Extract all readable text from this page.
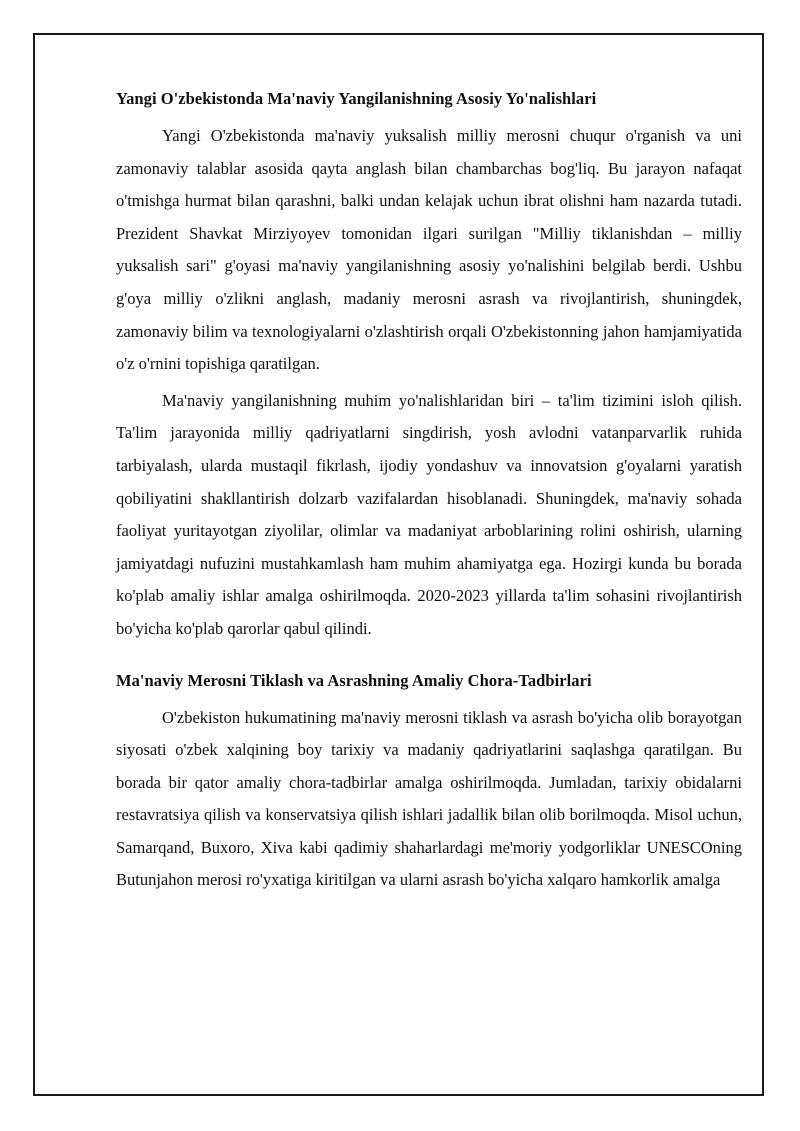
Yangi O'zbekistonda Ma'naviy Yangilanishning Asosiy Yo'nalishlari

Yangi O'zbekistonda ma'naviy yuksalish milliy merosni chuqur o'rganish va uni zamonaviy talablar asosida qayta anglash bilan chambarchas bog'liq. Bu jarayon nafaqat o'tmishga hurmat bilan qarashni, balki undan kelajak uchun ibrat olishni ham nazarda tutadi. Prezident Shavkat Mirziyoyev tomonidan ilgari surilgan "Milliy tiklanishdan – milliy yuksalish sari" g'oyasi ma'naviy yangilanishning asosiy yo'nalishini belgilab berdi. Ushbu g'oya milliy o'zlikni anglash, madaniy merosni asrash va rivojlantirish, shuningdek, zamonaviy bilim va texnologiyalarni o'zlashtirish orqali O'zbekistonning jahon hamjamiyatida o'z o'rnini topishiga qaratilgan.

Ma'naviy yangilanishning muhim yo'nalishlaridan biri – ta'lim tizimini isloh qilish. Ta'lim jarayonida milliy qadriyatlarni singdirish, yosh avlodni vatanparvarlik ruhida tarbiyalash, ularda mustaqil fikrlash, ijodiy yondashuv va innovatsion g'oyalarni yaratish qobiliyatini shakllantirish dolzarb vazifalardan hisoblanadi. Shuningdek, ma'naviy sohada faoliyat yuritayotgan ziyolilar, olimlar va madaniyat arboblarining rolini oshirish, ularning jamiyatdagi nufuzini mustahkamlash ham muhim ahamiyatga ega. Hozirgi kunda bu borada ko'plab amaliy ishlar amalga oshirilmoqda. 2020-2023 yillarda ta'lim sohasini rivojlantirish bo'yicha ko'plab qarorlar qabul qilindi.

Ma'naviy Merosni Tiklash va Asrashning Amaliy Chora-Tadbirlari

O'zbekiston hukumatining ma'naviy merosni tiklash va asrash bo'yicha olib borayotgan siyosati o'zbek xalqining boy tarixiy va madaniy qadriyatlarini saqlashga qaratilgan. Bu borada bir qator amaliy chora-tadbirlar amalga oshirilmoqda. Jumladan, tarixiy obidalarni restavratsiya qilish va konservatsiya qilish ishlari jadallik bilan olib borilmoqda. Misol uchun, Samarqand, Buxoro, Xiva kabi qadimiy shaharlardagi me'moriy yodgorliklar UNESCOning Butunjahon merosi ro'yxatiga kiritilgan va ularni asrash bo'yicha xalqaro hamkorlik amalga
